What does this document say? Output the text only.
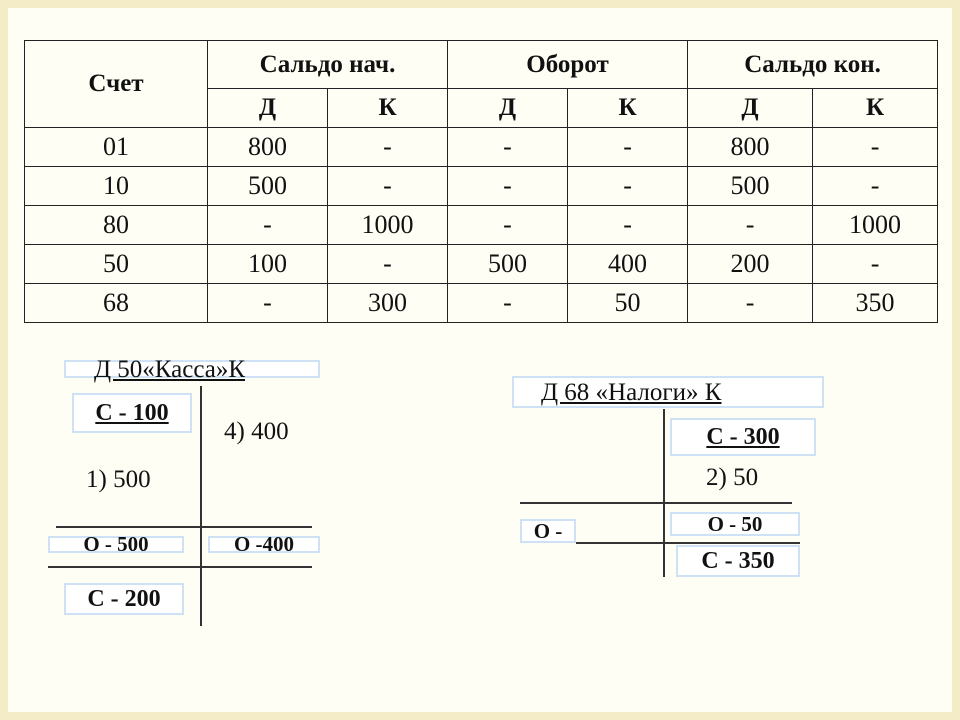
Счет	Сальдо нач.		Оборот		Сальдо кон.	
	Д	К	Д	К	Д	К
01	800	-	-	-	800	-
10	500	-	-	-	500	-
80	-	1000	-	-	-	1000
50	100	-	500	400	200	-
68	-	300	-	50	-	350
Д 50«Касса»К
С - 100
4) 400
1) 500
О - 500	О -400
С - 200
Д 68 «Налоги» К
С - 300
2) 50
О -	О - 50
С - 350
